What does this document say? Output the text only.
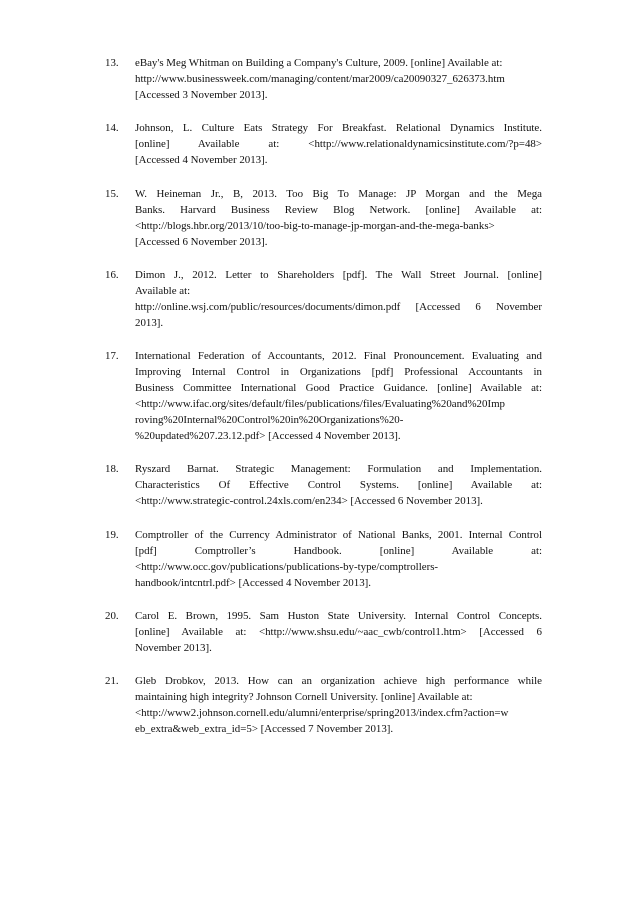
13.	eBay's Meg Whitman on Building a Company's Culture, 2009. [online] Available at:
http://www.businessweek.com/managing/content/mar2009/ca20090327_626373.htm
[Accessed 3 November 2013].
14.	Johnson, L. Culture Eats Strategy For Breakfast. Relational Dynamics Institute.
[online] Available at: <http://www.relationaldynamicsinstitute.com/?p=48>
[Accessed 4 November 2013].
15.	W. Heineman Jr., B, 2013. Too Big To Manage: JP Morgan and the Mega
Banks. Harvard Business Review Blog Network. [online] Available at:
<http://blogs.hbr.org/2013/10/too-big-to-manage-jp-morgan-and-the-mega-banks>
[Accessed 6 November 2013].
16.	Dimon J., 2012. Letter to Shareholders [pdf]. The Wall Street Journal. [online]
Available at:
http://online.wsj.com/public/resources/documents/dimon.pdf [Accessed 6 November
2013].
17.	International Federation of Accountants, 2012. Final Pronouncement. Evaluating and
Improving Internal Control in Organizations [pdf] Professional Accountants in
Business Committee International Good Practice Guidance. [online] Available at:
<http://www.ifac.org/sites/default/files/publications/files/Evaluating%20and%20Imp
roving%20Internal%20Control%20in%20Organizations%20-
%20updated%207.23.12.pdf> [Accessed 4 November 2013].
18.	Ryszard Barnat. Strategic Management: Formulation and Implementation.
Characteristics Of Effective Control Systems. [online] Available at:
<http://www.strategic-control.24xls.com/en234> [Accessed 6 November 2013].
19.	Comptroller of the Currency Administrator of National Banks, 2001. Internal Control
[pdf] Comptroller’s Handbook. [online] Available at:
<http://www.occ.gov/publications/publications-by-type/comptrollers-
handbook/intcntrl.pdf> [Accessed 4 November 2013].
20.	Carol E. Brown, 1995. Sam Huston State University. Internal Control Concepts.
[online] Available at: <http://www.shsu.edu/~aac_cwb/control1.htm> [Accessed 6
November 2013].
21.	Gleb Drobkov, 2013. How can an organization achieve high performance while
maintaining high integrity? Johnson Cornell University. [online] Available at:
<http://www2.johnson.cornell.edu/alumni/enterprise/spring2013/index.cfm?action=w
eb_extra&web_extra_id=5> [Accessed 7 November 2013].
